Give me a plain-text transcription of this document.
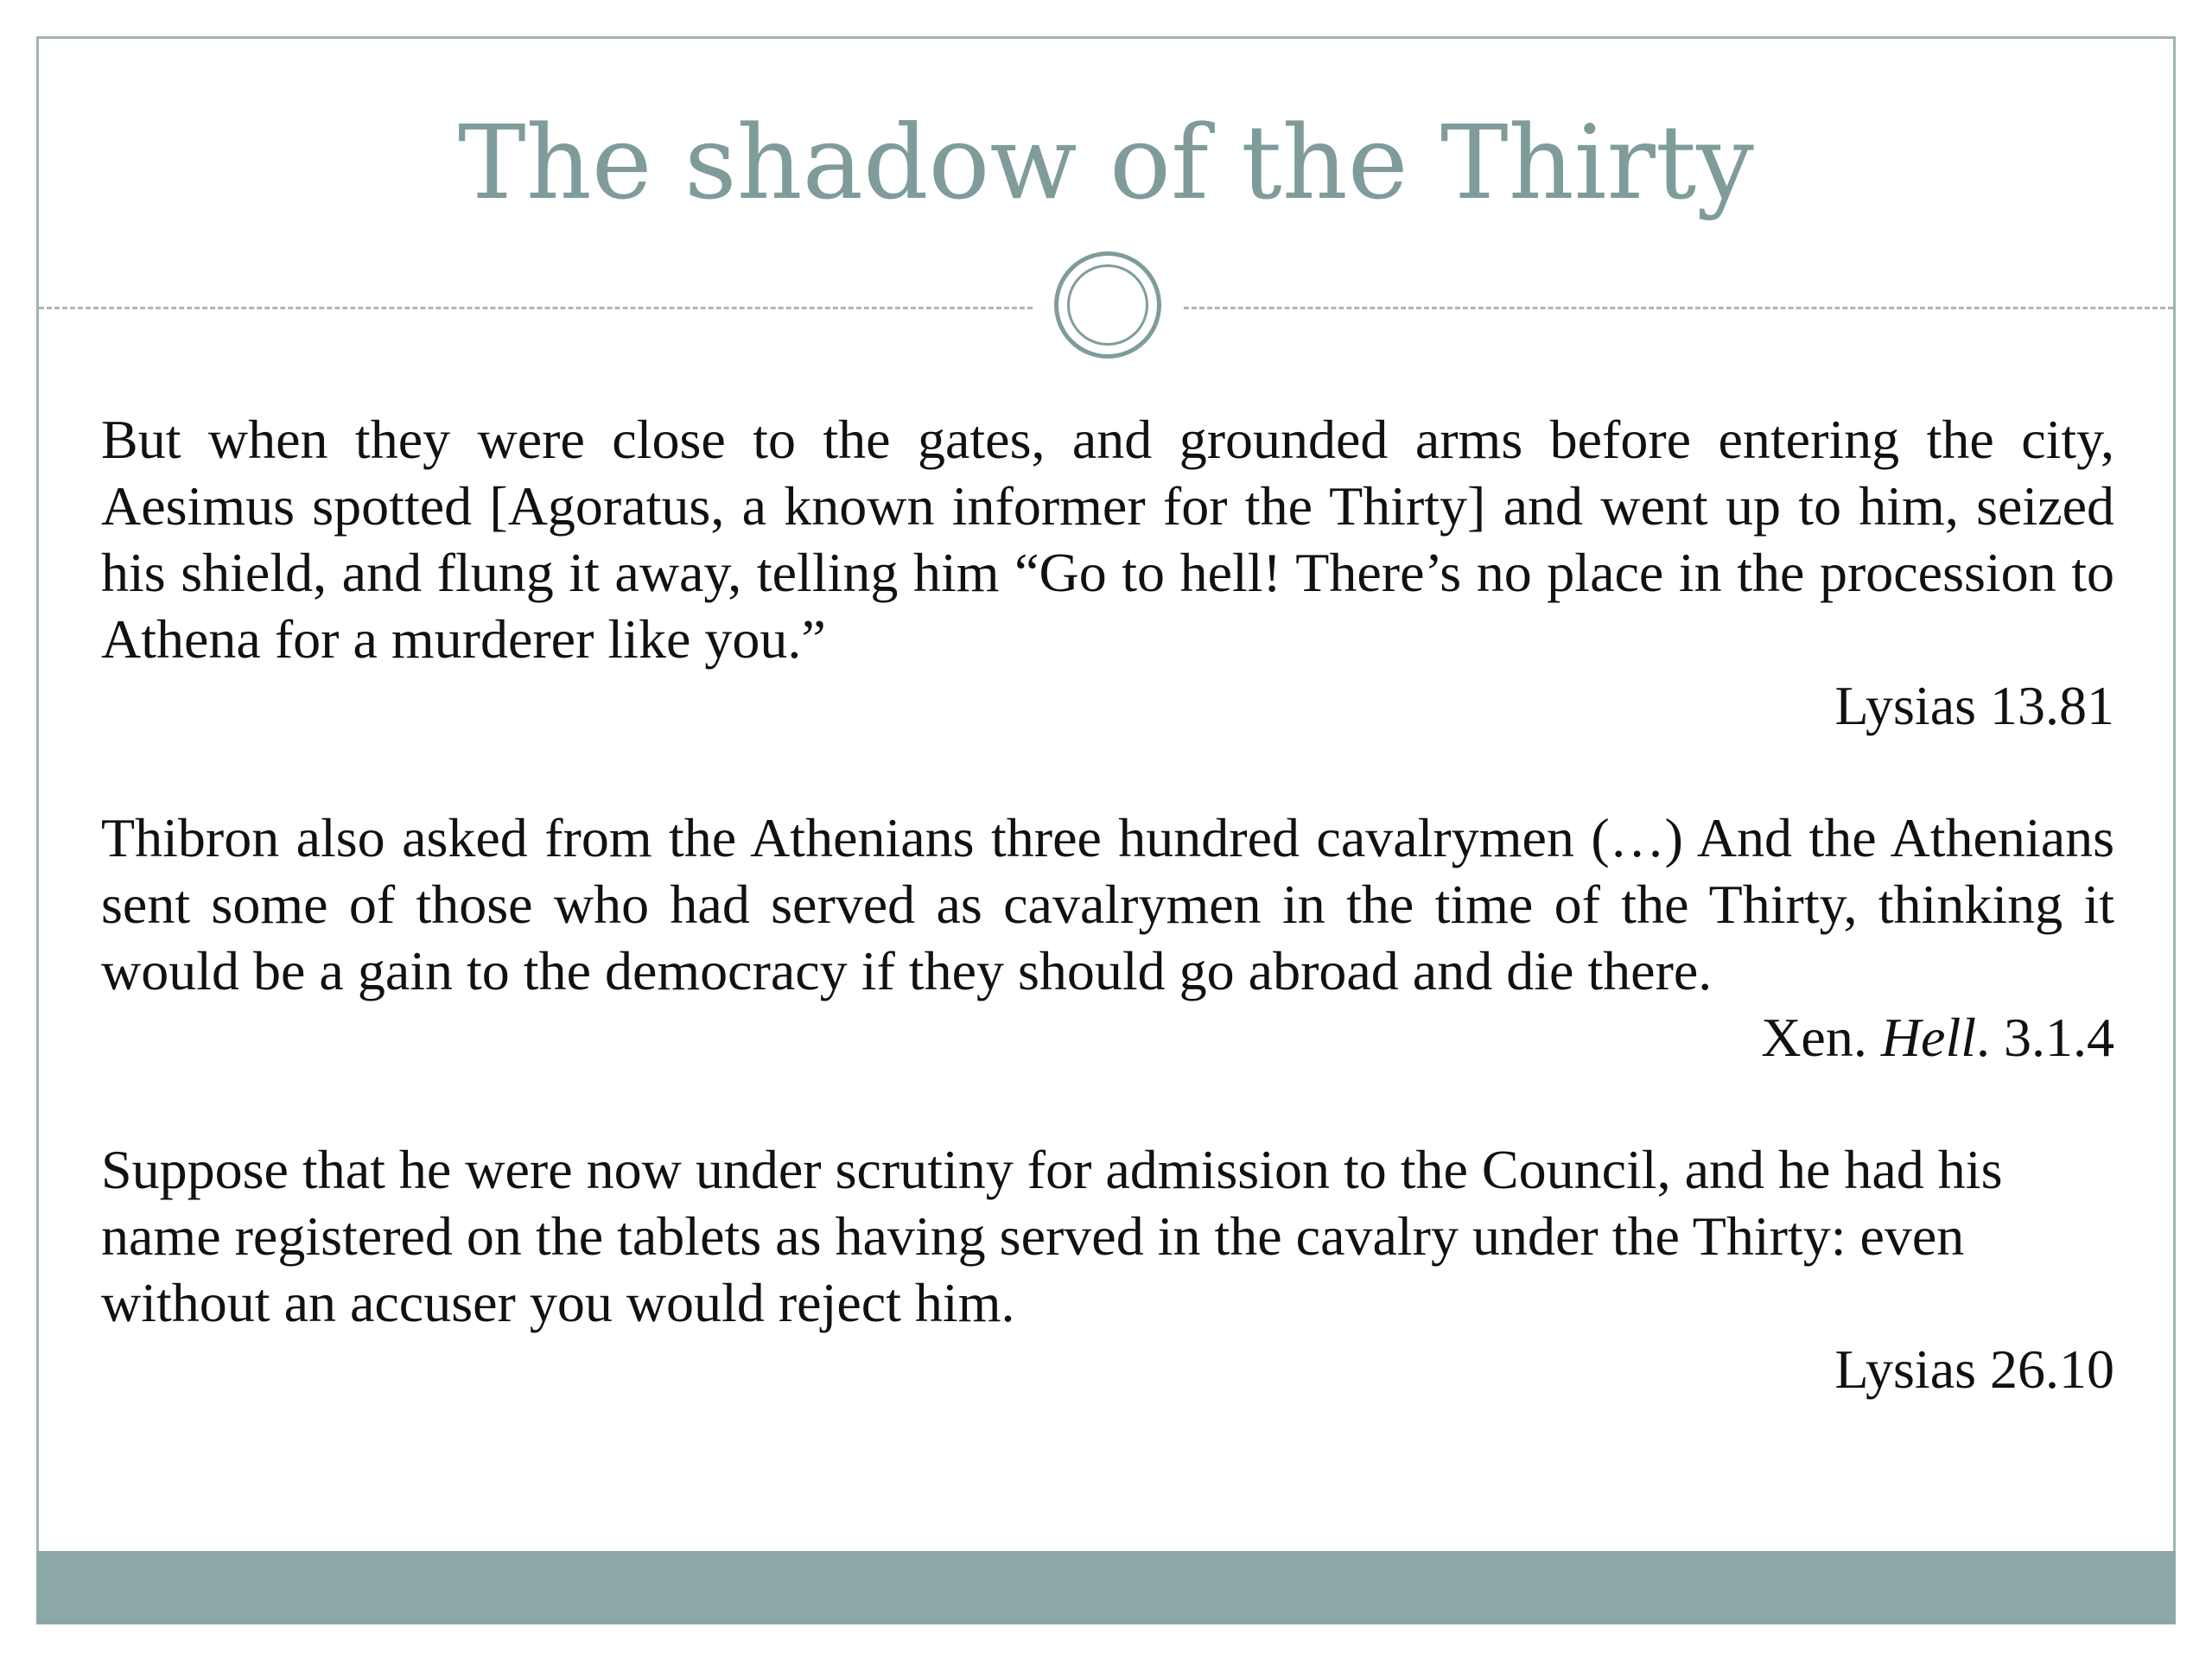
The shadow of the Thirty

But when they were close to the gates, and grounded arms before entering the city, Aesimus spotted [Agoratus, a known informer for the Thirty] and went up to him, seized his shield, and flung it away, telling him “Go to hell! There’s no place in the procession to Athena for a murderer like you.”

Lysias 13.81

Thibron also asked from the Athenians three hundred cavalrymen (…) And the Athenians sent some of those who had served as cavalrymen in the time of the Thirty, thinking it would be a gain to the democracy if they should go abroad and die there.

Xen. Hell. 3.1.4

Suppose that he were now under scrutiny for admission to the Council, and he had his name registered on the tablets as having served in the cavalry under the Thirty: even without an accuser you would reject him.

Lysias 26.10
